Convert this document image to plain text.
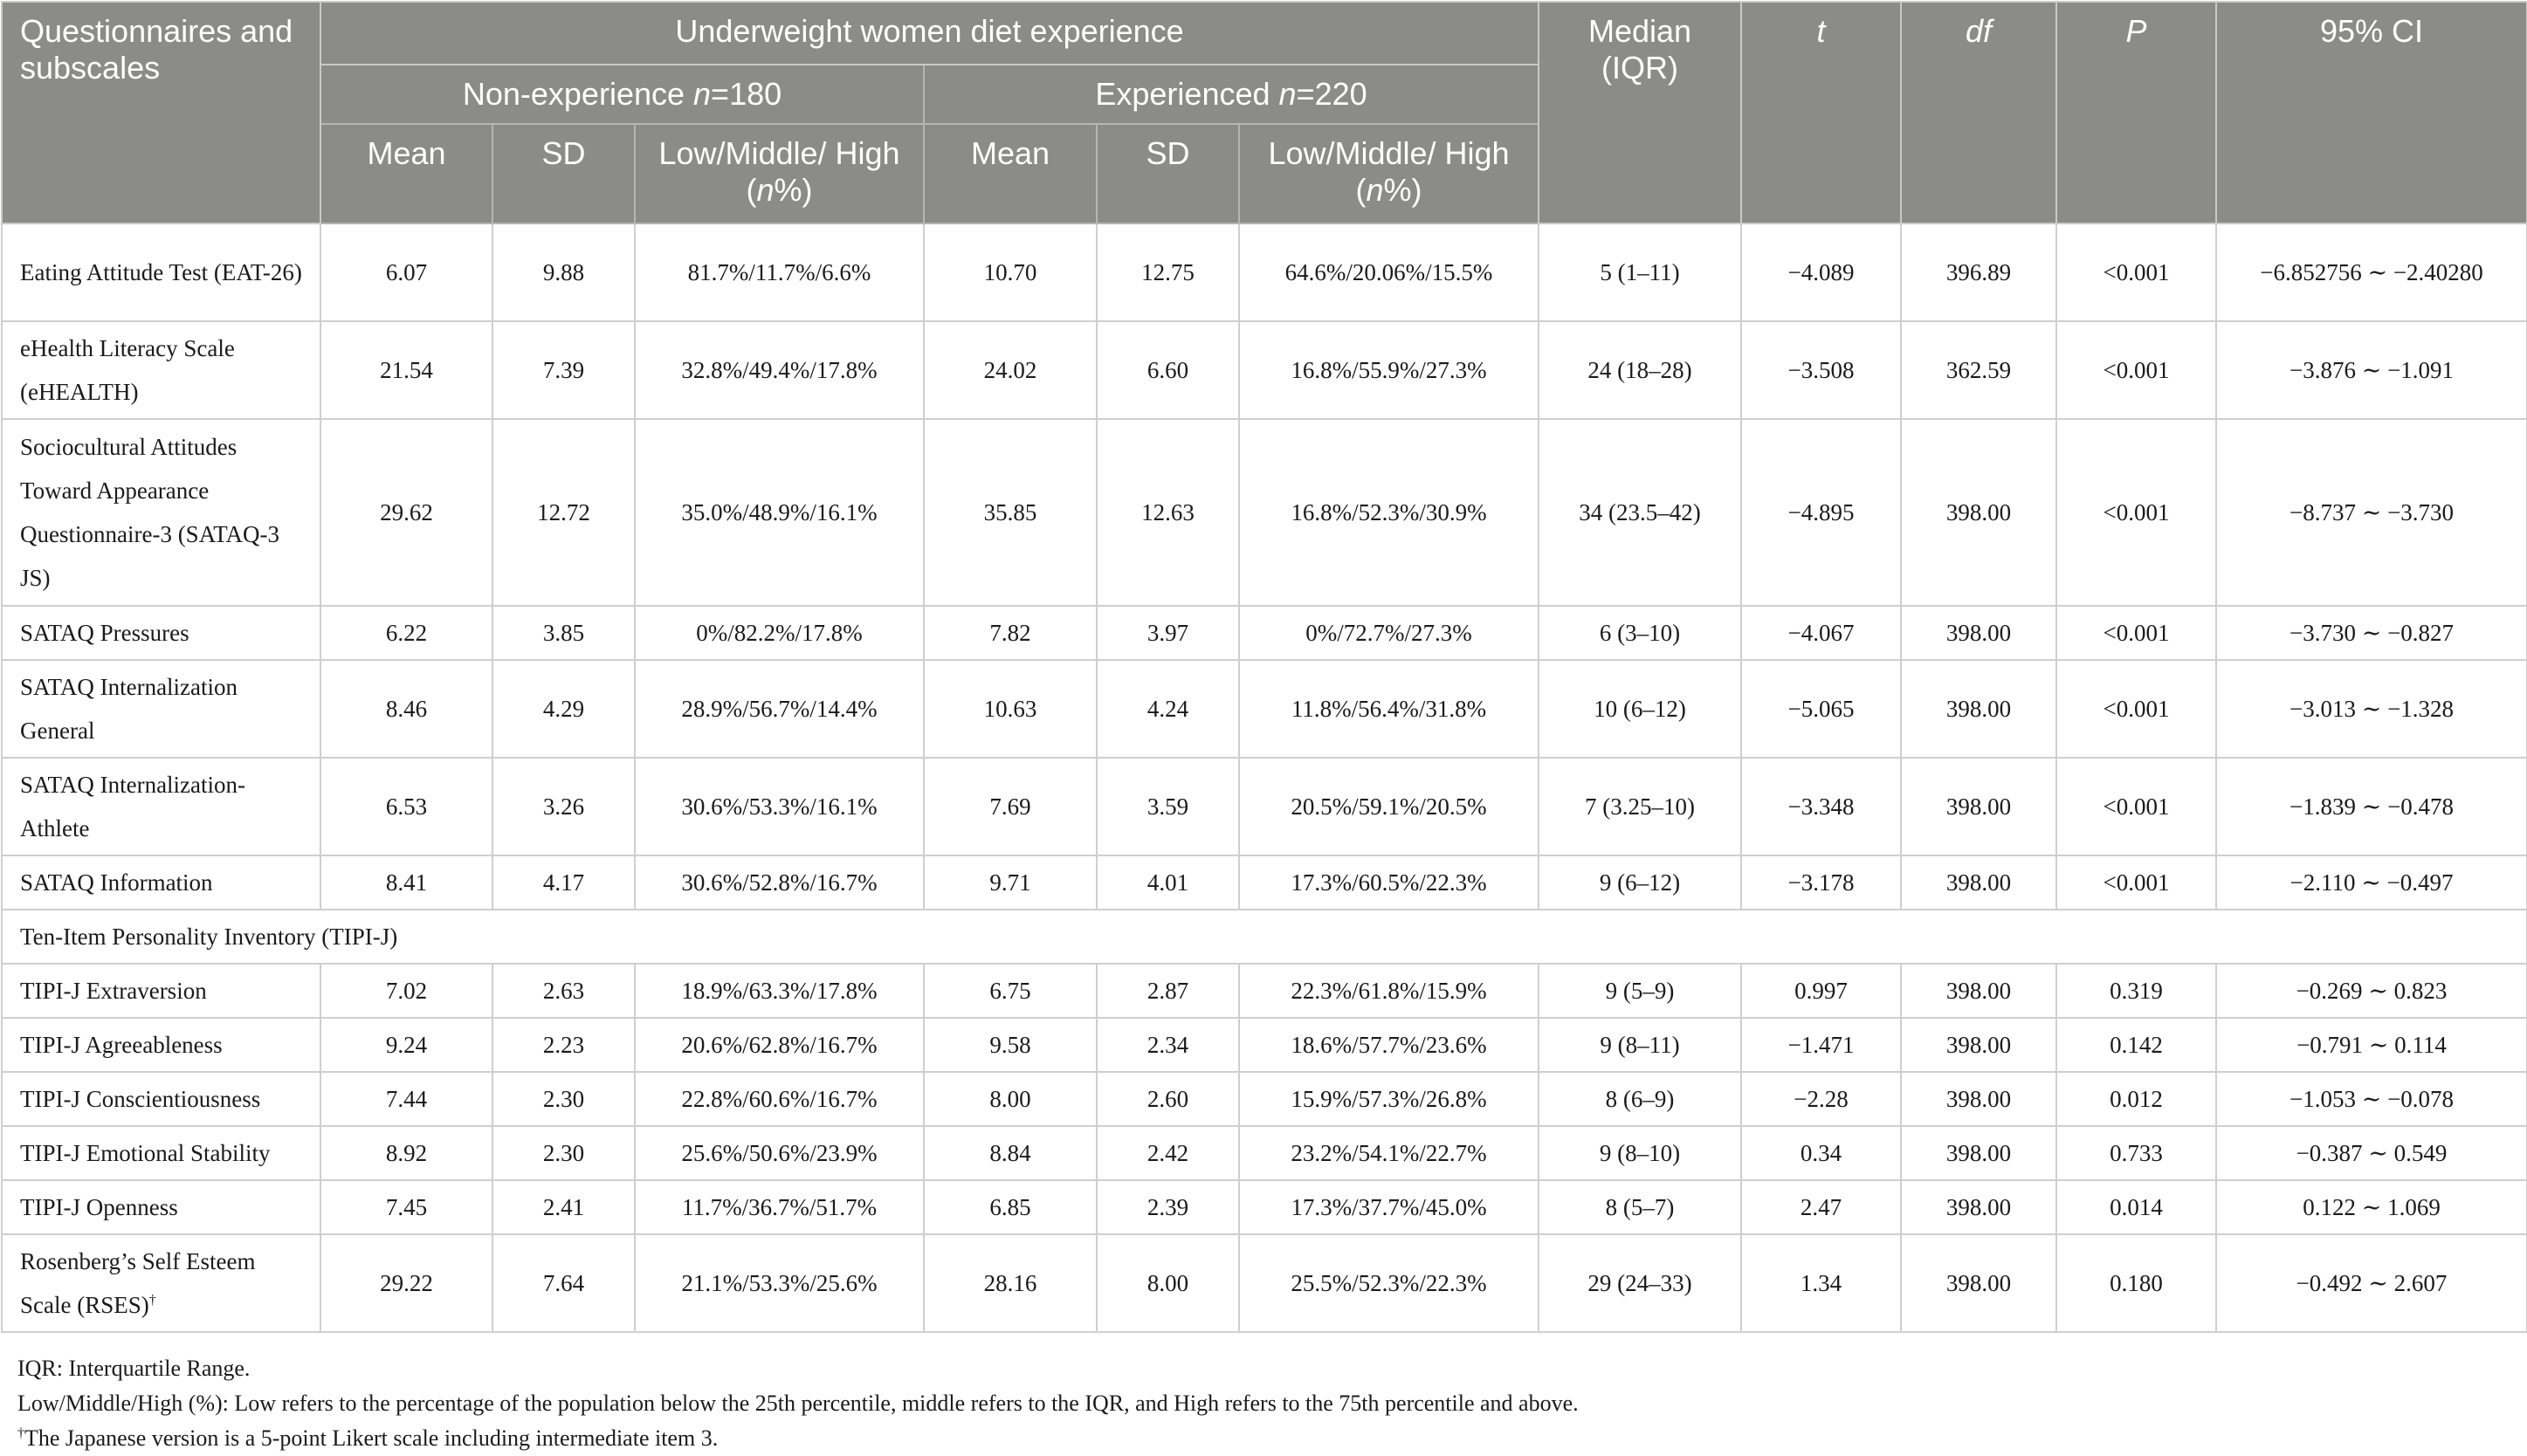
Questionnaires and subscales	Underweight women diet experience						Median (IQR)	t	df	P	95% CI
	Non-experience n=180			Experienced n=220							
	Mean	SD	Low/Middle/ High (n%)	Mean	SD	Low/Middle/ High (n%)					
Eating Attitude Test (EAT-26)	6.07	9.88	81.7%/11.7%/6.6%	10.70	12.75	64.6%/20.06%/15.5%	5 (1–11)	−4.089	396.89	<0.001	−6.852756 ∼ −2.40280
eHealth Literacy Scale (eHEALTH)	21.54	7.39	32.8%/49.4%/17.8%	24.02	6.60	16.8%/55.9%/27.3%	24 (18–28)	−3.508	362.59	<0.001	−3.876 ∼ −1.091
Sociocultural Attitudes Toward Appearance Questionnaire-3 (SATAQ-3 JS)	29.62	12.72	35.0%/48.9%/16.1%	35.85	12.63	16.8%/52.3%/30.9%	34 (23.5–42)	−4.895	398.00	<0.001	−8.737 ∼ −3.730
SATAQ Pressures	6.22	3.85	0%/82.2%/17.8%	7.82	3.97	0%/72.7%/27.3%	6 (3–10)	−4.067	398.00	<0.001	−3.730 ∼ −0.827
SATAQ Internalization General	8.46	4.29	28.9%/56.7%/14.4%	10.63	4.24	11.8%/56.4%/31.8%	10 (6–12)	−5.065	398.00	<0.001	−3.013 ∼ −1.328
SATAQ Internalization-Athlete	6.53	3.26	30.6%/53.3%/16.1%	7.69	3.59	20.5%/59.1%/20.5%	7 (3.25–10)	−3.348	398.00	<0.001	−1.839 ∼ −0.478
SATAQ Information	8.41	4.17	30.6%/52.8%/16.7%	9.71	4.01	17.3%/60.5%/22.3%	9 (6–12)	−3.178	398.00	<0.001	−2.110 ∼ −0.497
Ten-Item Personality Inventory (TIPI-J)											
TIPI-J Extraversion	7.02	2.63	18.9%/63.3%/17.8%	6.75	2.87	22.3%/61.8%/15.9%	9 (5–9)	0.997	398.00	0.319	−0.269 ∼ 0.823
TIPI-J Agreeableness	9.24	2.23	20.6%/62.8%/16.7%	9.58	2.34	18.6%/57.7%/23.6%	9 (8–11)	−1.471	398.00	0.142	−0.791 ∼ 0.114
TIPI-J Conscientiousness	7.44	2.30	22.8%/60.6%/16.7%	8.00	2.60	15.9%/57.3%/26.8%	8 (6–9)	−2.28	398.00	0.012	−1.053 ∼ −0.078
TIPI-J Emotional Stability	8.92	2.30	25.6%/50.6%/23.9%	8.84	2.42	23.2%/54.1%/22.7%	9 (8–10)	0.34	398.00	0.733	−0.387 ∼ 0.549
TIPI-J Openness	7.45	2.41	11.7%/36.7%/51.7%	6.85	2.39	17.3%/37.7%/45.0%	8 (5–7)	2.47	398.00	0.014	0.122 ∼ 1.069
Rosenberg’s Self Esteem Scale (RSES)†	29.22	7.64	21.1%/53.3%/25.6%	28.16	8.00	25.5%/52.3%/22.3%	29 (24–33)	1.34	398.00	0.180	−0.492 ∼ 2.607
IQR: Interquartile Range.
Low/Middle/High (%): Low refers to the percentage of the population below the 25th percentile, middle refers to the IQR, and High refers to the 75th percentile and above.
†The Japanese version is a 5-point Likert scale including intermediate item 3.
